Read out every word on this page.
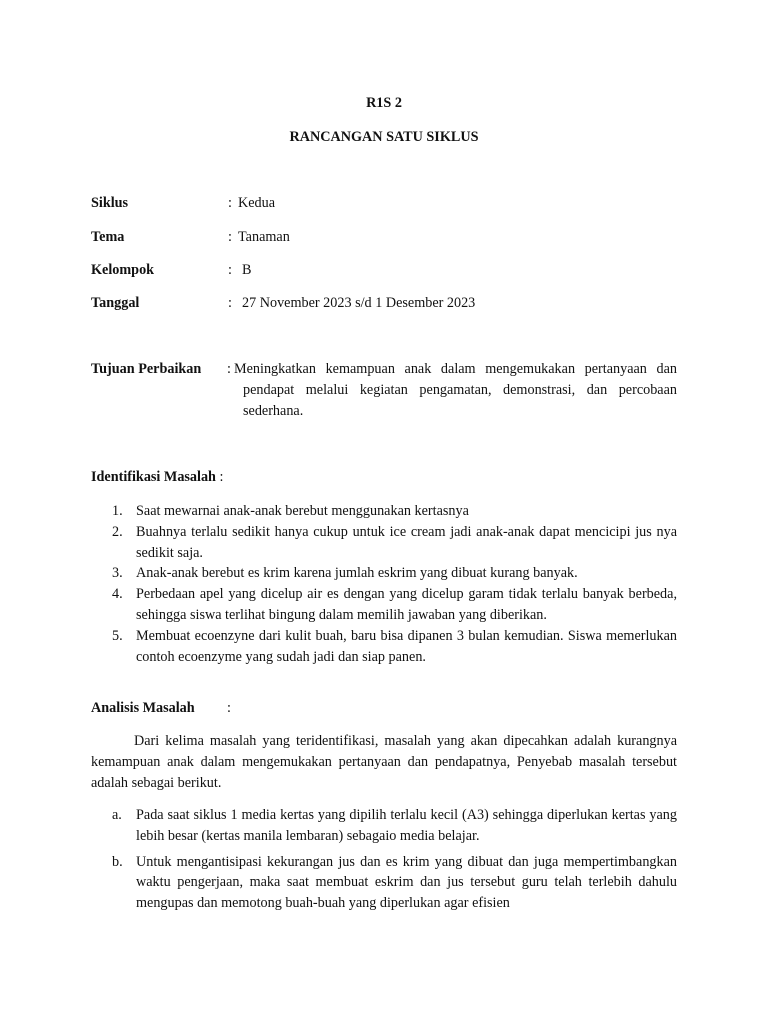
R1S 2
RANCANGAN SATU SIKLUS
Siklus	: Kedua
Tema	: Tanaman
Kelompok	: B
Tanggal	: 27 November 2023 s/d 1 Desember 2023
Tujuan Perbaikan : Meningkatkan kemampuan anak dalam mengemukakan pertanyaan dan pendapat melalui kegiatan pengamatan, demonstrasi, dan percobaan sederhana.
Identifikasi Masalah :
1. Saat mewarnai anak-anak berebut menggunakan kertasnya
2. Buahnya terlalu sedikit hanya cukup untuk ice cream jadi anak-anak dapat mencicipi jus nya sedikit saja.
3. Anak-anak berebut es krim karena jumlah eskrim yang dibuat kurang banyak.
4. Perbedaan apel yang dicelup air es dengan yang dicelup garam tidak terlalu banyak berbeda, sehingga siswa terlihat bingung dalam memilih jawaban yang diberikan.
5. Membuat ecoenzyne dari kulit buah, baru bisa dipanen 3 bulan kemudian. Siswa memerlukan contoh ecoenzyme yang sudah jadi dan siap panen.
Analisis Masalah :

Dari kelima masalah yang teridentifikasi, masalah yang akan dipecahkan adalah kurangnya kemampuan anak dalam mengemukakan pertanyaan dan pendapatnya, Penyebab masalah tersebut adalah sebagai berikut.

a. Pada saat siklus 1 media kertas yang dipilih terlalu kecil (A3) sehingga diperlukan kertas yang lebih besar (kertas manila lembaran) sebagaio media belajar.
b. Untuk mengantisipasi kekurangan jus dan es krim yang dibuat dan juga mempertimbangkan waktu pengerjaan, maka saat membuat eskrim dan jus tersebut guru telah terlebih dahulu mengupas dan memotong buah-buah yang diperlukan agar efisien
